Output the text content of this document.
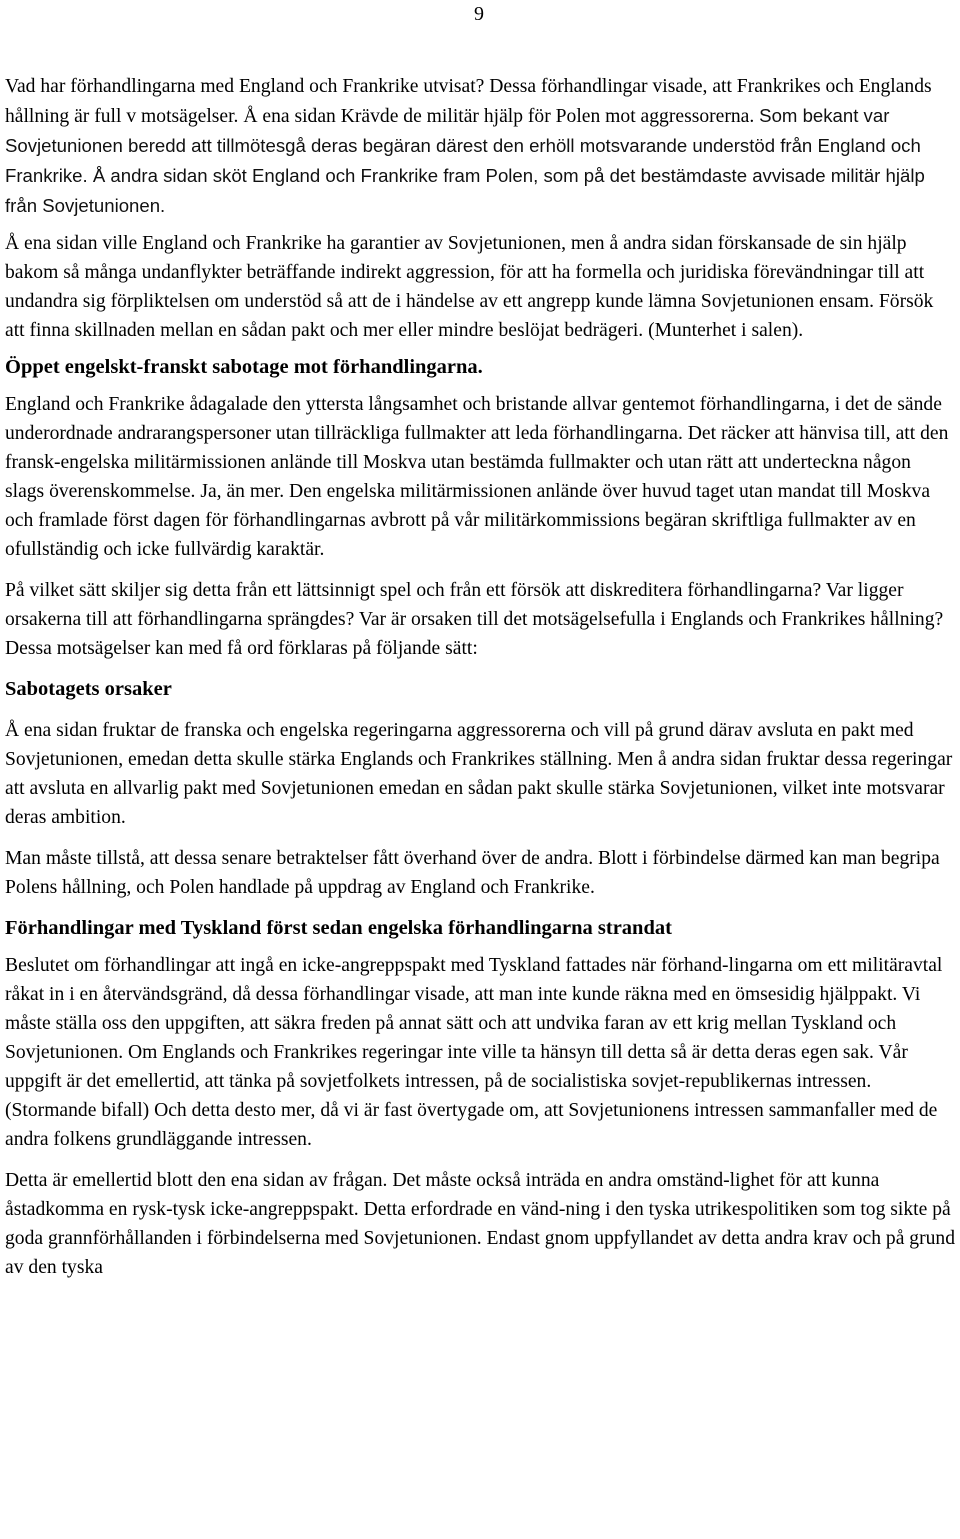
9

Vad har förhandlingarna med England och Frankrike utvisat? Dessa förhandlingar visade, att Frankrikes och Englands hållning är full v motsägelser. Å ena sidan Krävde de militär hjälp för Polen mot aggressorerna. Som bekant var Sovjetunionen beredd att tillmötesgå deras begäran därest den erhöll motsvarande understöd från England och Frankrike. Å andra sidan sköt England och Frankrike fram Polen, som på det bestämdaste avvisade militär hjälp från Sovjetunionen.

Å ena sidan ville England och Frankrike ha garantier av Sovjetunionen, men å andra sidan förskansade de sin hjälp bakom så många undanflykter beträffande indirekt aggression, för att ha formella och juridiska förevändningar till att undandra sig förpliktelsen om understöd så att de i händelse av ett angrepp kunde lämna Sovjetunionen ensam. Försök att finna skillnaden mellan en sådan pakt och mer eller mindre beslöjat bedrägeri. (Munterhet i salen).

Öppet engelskt-franskt sabotage mot förhandlingarna.

England och Frankrike ådagalade den yttersta långsamhet och bristande allvar gentemot förhandlingarna, i det de sände underordnade andrarangspersoner utan tillräckliga fullmakter att leda förhandlingarna. Det räcker att hänvisa till, att den fransk-engelska militärmissionen anlände till Moskva utan bestämda fullmakter och utan rätt att underteckna någon slags överenskommelse. Ja, än mer. Den engelska militärmissionen anlände över huvud taget utan mandat till Moskva och framlade först dagen för förhandlingarnas avbrott på vår militärkommissions begäran skriftliga fullmakter av en ofullständig och icke fullvärdig karaktär.

På vilket sätt skiljer sig detta från ett lättsinnigt spel och från ett försök att diskreditera förhandlingarna? Var ligger orsakerna till att förhandlingarna sprängdes? Var är orsaken till det motsägelsefulla i Englands och Frankrikes hållning? Dessa motsägelser kan med få ord förklaras på följande sätt:

Sabotagets orsaker

Å ena sidan fruktar de franska och engelska regeringarna aggressorerna och vill på grund därav avsluta en pakt med Sovjetunionen, emedan detta skulle stärka Englands och Frankrikes ställning. Men å andra sidan fruktar dessa regeringar att avsluta en allvarlig pakt med Sovjetunionen emedan en sådan pakt skulle stärka Sovjetunionen, vilket inte motsvarar deras ambition.

Man måste tillstå, att dessa senare betraktelser fått överhand över de andra. Blott i förbindelse därmed kan man begripa Polens hållning, och Polen handlade på uppdrag av England och Frankrike.

Förhandlingar med Tyskland först sedan engelska förhandlingarna strandat

Beslutet om förhandlingar att ingå en icke-angreppspakt med Tyskland fattades när förhand-lingarna om ett militäravtal råkat in i en återvändsgränd, då dessa förhandlingar visade, att man inte kunde räkna med en ömsesidig hjälppakt. Vi måste ställa oss den uppgiften, att säkra freden på annat sätt och att undvika faran av ett krig mellan Tyskland och Sovjetunionen. Om Englands och Frankrikes regeringar inte ville ta hänsyn till detta så är detta deras egen sak. Vår uppgift är det emellertid, att tänka på sovjetfolkets intressen, på de socialistiska sovjet-republikernas intressen. (Stormande bifall) Och detta desto mer, då vi är fast övertygade om, att Sovjetunionens intressen sammanfaller med de andra folkens grundläggande intressen.

Detta är emellertid blott den ena sidan av frågan. Det måste också inträda en andra omständ-lighet för att kunna åstadkomma en rysk-tysk icke-angreppspakt. Detta erfordrade en vänd-ning i den tyska utrikespolitiken som tog sikte på goda grannförhållanden i förbindelserna med Sovjetunionen. Endast gnom uppfyllandet av detta andra krav och på grund av den tyska
